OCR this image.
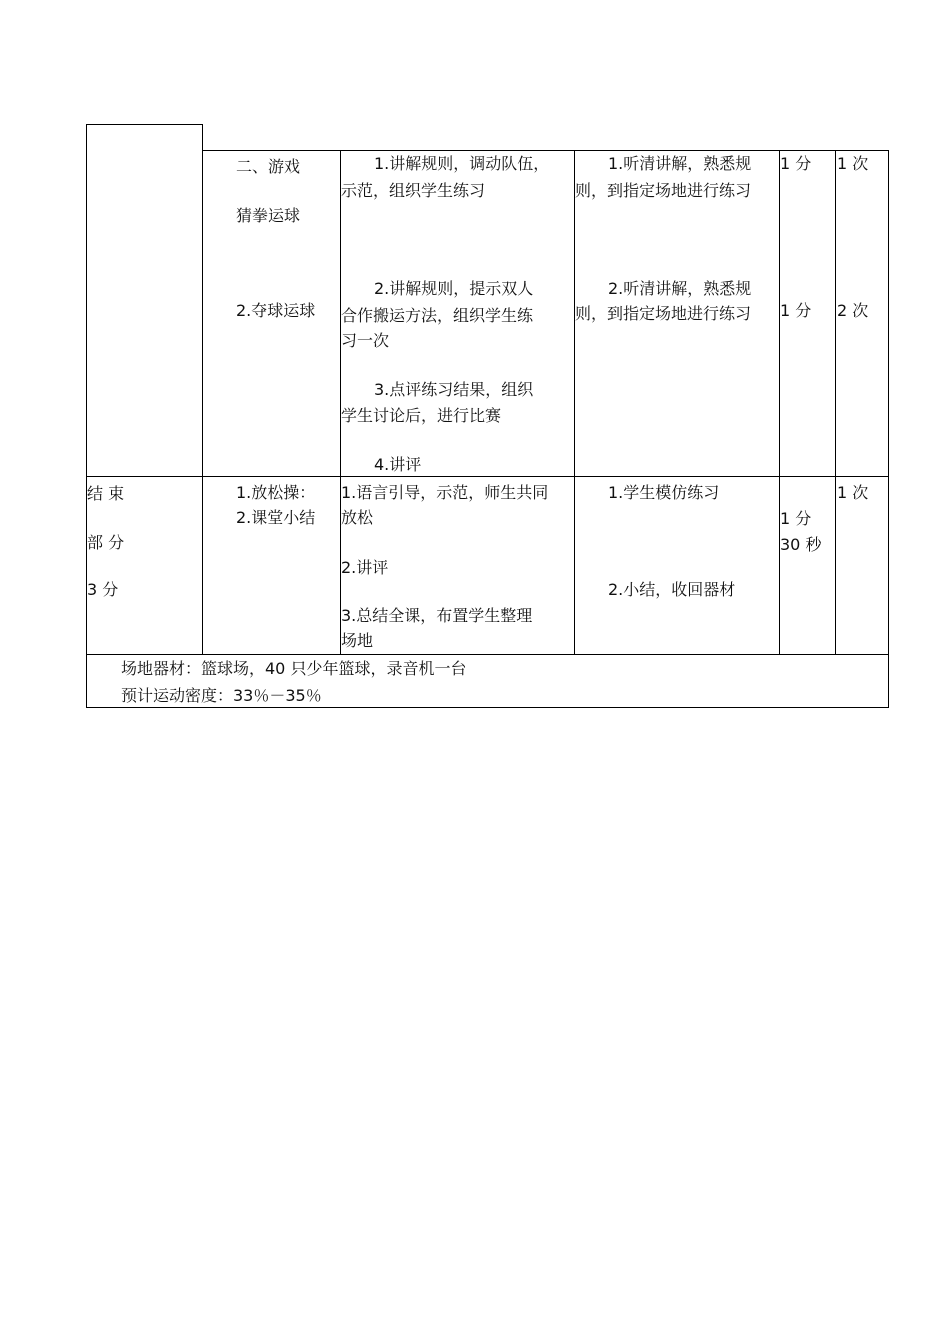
二、游戏
猜拳运球
2.夺球运球
1.讲解规则，调动队伍，
示范，组织学生练习
2.讲解规则，提示双人
合作搬运方法，组织学生练
习一次
3.点评练习结果，组织
学生讨论后，进行比赛
4.讲评
1.听清讲解，熟悉规
则，到指定场地进行练习
2.听清讲解，熟悉规
则，到指定场地进行练习
1 分
1 分
1 次
2 次
结 束
部 分
3 分
1.放松操：
2.课堂小结
1.语言引导，示范，师生共同
放松
2.讲评
3.总结全课，布置学生整理
场地
1.学生模仿练习
2.小结，收回器材
1 分
30 秒
1 次
场地器材：篮球场，40 只少年篮球，录音机一台
预计运动密度：33％－35％
